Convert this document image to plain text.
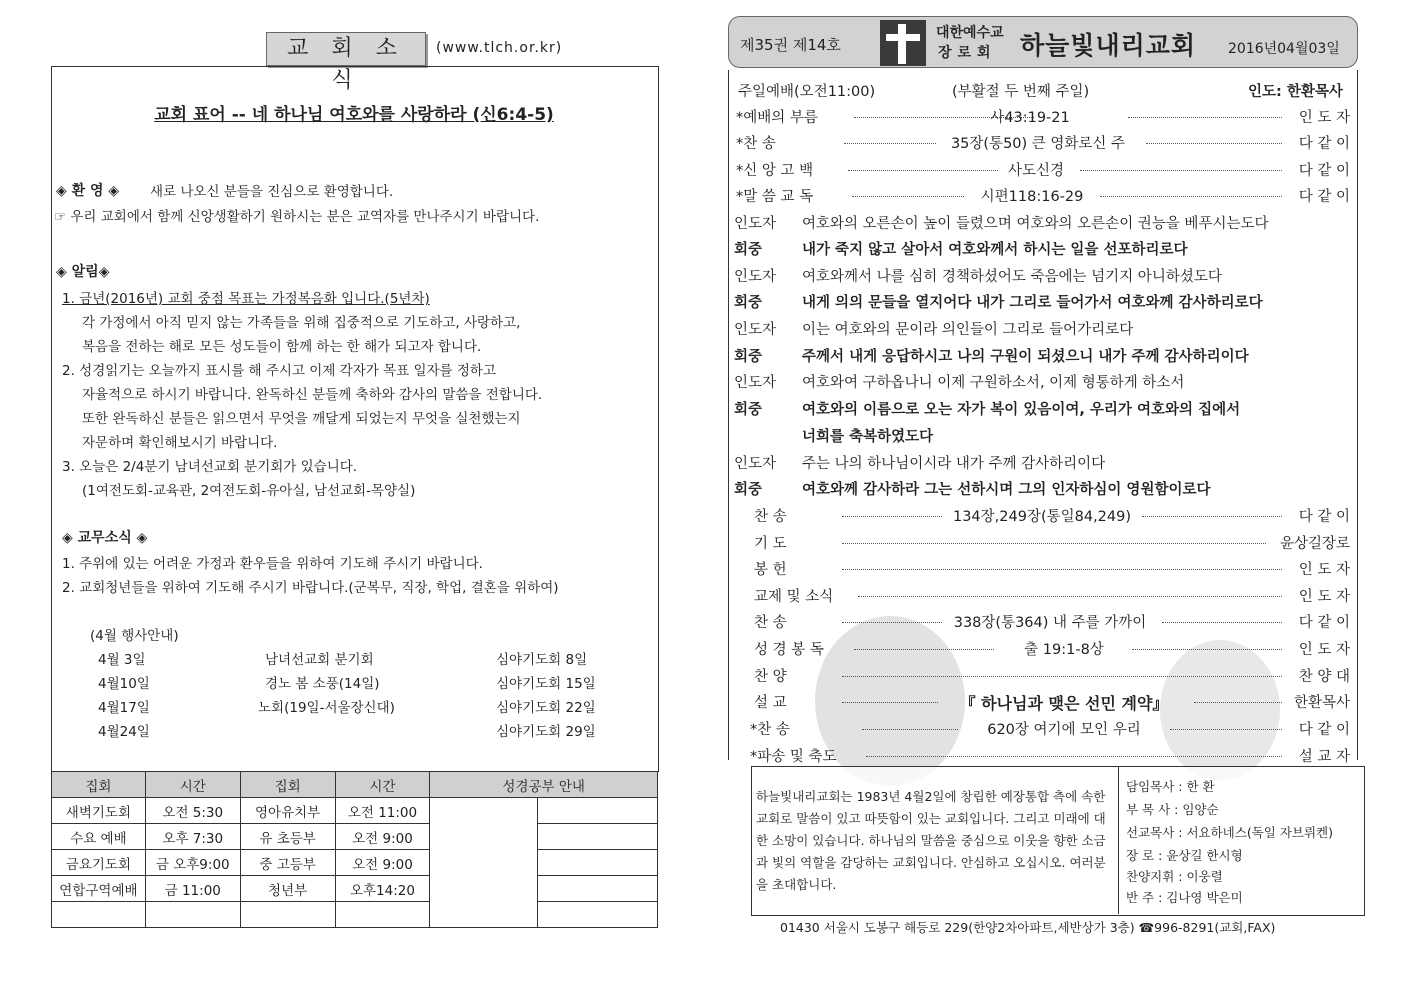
교 회 소 식
(www.tlch.or.kr)
교회 표어 -- 네 하나님 여호와를 사랑하라 (신6:4-5)
◈ 환 영 ◈ 새로 나오신 분들을 진심으로 환영합니다.
☞ 우리 교회에서 함께 신앙생활하기 원하시는 분은 교역자를 만나주시기 바랍니다.
◈ 알림◈
1. 금년(2016년) 교회 중점 목표는 가정복음화 입니다.(5년차)
각 가정에서 아직 믿지 않는 가족들을 위해 집중적으로 기도하고, 사랑하고,
복음을 전하는 해로 모든 성도들이 함께 하는 한 해가 되고자 합니다.
2. 성경읽기는 오늘까지 표시를 해 주시고 이제 각자가 목표 일자를 정하고
자율적으로 하시기 바랍니다. 완독하신 분들께 축하와 감사의 말씀을 전합니다.
또한 완독하신 분들은 읽으면서 무엇을 깨달게 되었는지 무엇을 실천했는지
자문하며 확인해보시기 바랍니다.
3. 오늘은 2/4분기 남녀선교회 분기회가 있습니다.
(1여전도회-교육관, 2여전도회-유아실, 남선교회-목양실)
◈ 교무소식 ◈
1. 주위에 있는 어려운 가정과 환우들을 위하여 기도해 주시기 바랍니다.
2. 교회청년들을 위하여 기도해 주시기 바랍니다.(군복무, 직장, 학업, 결혼을 위하여)
(4월 행사안내)
4월 3일	남녀선교회 분기회	심야기도회 8일
4월10일	경노 봄 소풍(14일)	심야기도회 15일
4월17일	노회(19일-서울장신대)	심야기도회 22일
4월24일	심야기도회 29일
집회	시간	집회	시간	성경공부 안내	
새벽기도회	오전 5:30	영아유치부	오전 11:00		
수요 예배	오후 7:30	유 초등부	오전 9:00		
금요기도회	금 오후9:00	중 고등부	오전 9:00		
연합구역예배	금 11:00	청년부	오후14:20		

제35권 제14호
대한예수교
장로회 하늘빛내리교회 2016년04월03일
주일예배(오전11:00)	(부활절 두 번째 주일)	인도: 한환목사
*예배의 부름	사43:19-21	인 도 자
*찬 송	35장(통50) 큰 영화로신 주	다 같 이
*신 앙 고 백	사도신경	다 같 이
*말 씀 교 독	시편118:16-29	다 같 이
인도자 여호와의 오른손이 높이 들렸으며 여호와의 오른손이 권능을 베푸시는도다
회중	내가 죽지 않고 살아서 여호와께서 하시는 일을 선포하리로다
인도자 여호와께서 나를 심히 경책하셨어도 죽음에는 넘기지 아니하셨도다
회중	내게 의의 문들을 열지어다 내가 그리로 들어가서 여호와께 감사하리로다
인도자 이는 여호와의 문이라 의인들이 그리로 들어가리로다
회중	주께서 내게 응답하시고 나의 구원이 되셨으니 내가 주께 감사하리이다
인도자 여호와여 구하옵나니 이제 구원하소서, 이제 형통하게 하소서
회중	여호와의 이름으로 오는 자가 복이 있음이여, 우리가 여호와의 집에서
너희를 축복하였도다
인도자 주는 나의 하나님이시라 내가 주께 감사하리이다
회중	여호와께 감사하라 그는 선하시며 그의 인자하심이 영원함이로다
찬 송	134장,249장(통일84,249)	다 같 이
기 도	윤상길장로
봉 헌	인 도 자
교제 및 소식	인 도 자
찬 송	338장(통364) 내 주를 가까이	다 같 이
성 경 봉 독	출 19:1-8상	인 도 자
찬 양	찬 양 대
설 교	『 하나님과 맺은 선민 계약』	한환목사
*찬 송	620장 여기에 모인 우리	다 같 이
*파송 및 축도	설 교 자
하늘빛내리교회는 1983년 4월2일에 창립한 예장통합 측에 속한 교회로 말씀이 있고 따뜻함이 있는 교회입니다. 그리고 미래에 대한 소망이 있습니다. 하나님의 말씀을 중심으로 이웃을 향한 소금과 빛의 역할을 감당하는 교회입니다. 안심하고 오십시오. 여러분을 초대합니다.
담임목사 : 한 환
부 목 사 : 임양순
선교목사 : 서요하네스(독일 자브뤼켄)
장 로 : 윤상길 한시형
찬양지휘 : 이웅렬
반 주 : 김나영 박은미
01430 서울시 도봉구 해등로 229(한양2차아파트,세반상가 3층) ☎996-8291(교회,FAX)
